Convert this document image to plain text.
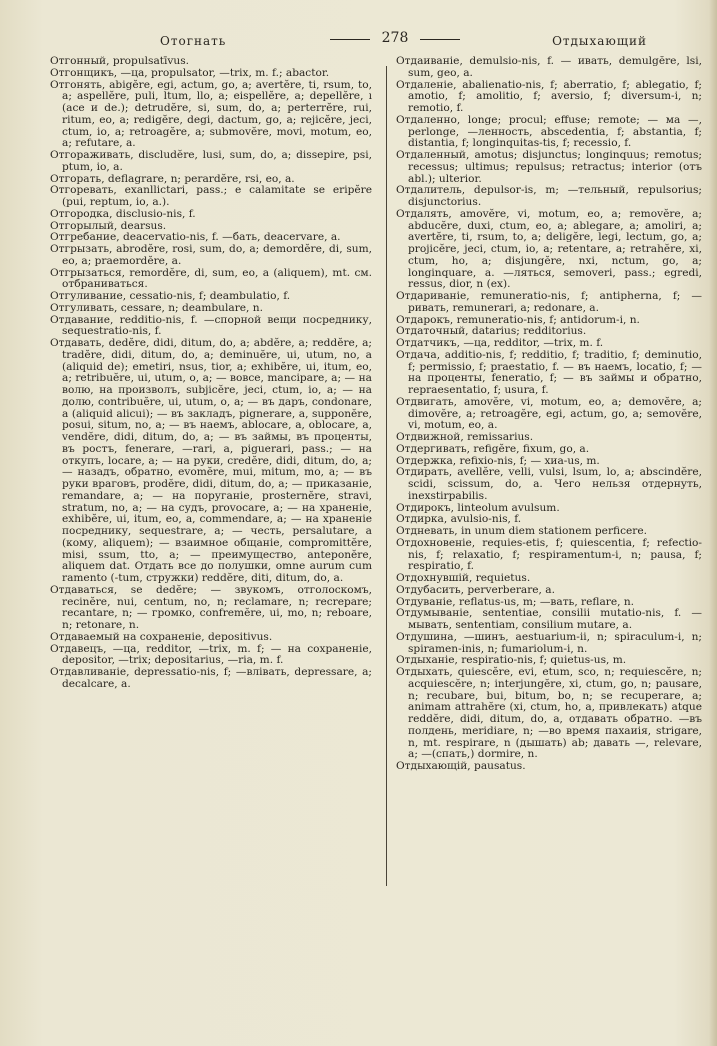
Отогнать	278	Отдыхающий

Отгонный, propulsatīvus.

Отгонщикъ, —ца, propulsator, —trix, m. f.; abactor.

Отгонять, abigĕre, egi, actum, go, a; avertĕre, ti, rsum, to, a; aspellĕre, puli, ltum, llo, a; eispellĕre, a; depellĕre, ı (ace и de.); detrudĕre, si, sum, do, a; perterrĕre, rui, ritum, eo, a; redigĕre, degi, dactum, go, a; rejicĕre, jeci, ctum, io, a; retroagĕre, a; submovĕre, movi, motum, eo, a; refutare, a.

Отгораживать, discludĕre, lusi, sum, do, a; dissepire, psi, ptum, io, a.

Отгорать, deflagrare, n; perardĕre, rsi, eo, a.

Отгоревать, exanllictari, pass.; e calamitate se eripĕre (pui, reptum, io, a.).

Отгородка, disclusio-nis, f.

Отгорылый, dearsus.

Отгребание, deacervatio-nis, f. —бать, deacervare, a.

Отгрызать, abrodĕre, rosi, sum, do, a; demordĕre, di, sum, eo, a; praemordĕre, a.

Отгрызаться, remordĕre, di, sum, eo, a (aliquem), mt. см. отбраниваться.

Отгуливание, cessatio-nis, f; deambulatio, f.

Отгуливать, cessare, n; deambulare, n.

Отдавание, redditio-nis, f. —спорной вещи посреднику, sequestratio-nis, f.

Отдавать, dedĕre, didi, ditum, do, a; abdĕre, a; reddĕre, a; tradĕre, didi, ditum, do, a; deminuĕre, ui, utum, no, a (aliquid de); emetiri, nsus, tior, a; exhibĕre, ui, itum, eo, a; retribuĕre, ui, utum, o, a; — вовсе, mancipare, a; — на волю, на произволъ, subjicĕre, jeci, ctum, io, a; — на долю, contribuĕre, ui, utum, o, a; — въ даръ, condonare, a (aliquid alicui); — въ закладъ, pignerare, a, supponĕre, posui, situm, no, a; — въ наемъ, ablocare, a, oblocare, a, vendĕre, didi, ditum, do, a; — въ займы, въ проценты, въ ростъ, fenerare, —rari, a, piguerari, pass.; — на откупъ, locare, a; — на руки, credĕre, didi, ditum, do, a; — назадъ, обратно, evomĕre, mui, mitum, mo, a; — въ руки враговъ, prodĕre, didi, ditum, do, a; — приказаніе, remandare, a; — на поруганіе, prosternĕre, stravi, stratum, no, a; — на судъ, provocare, a; — на храненіе, exhibĕre, ui, itum, eo, a, commendare, a; — на храненіе посреднику, sequestrare, a; — честь, persalutare, a (кому, aliquem); — взаимное общаніе, compromittĕre, misi, ssum, tto, a; — преимущество, anteponĕre, aliquem dat. Отдать все до полушки, omne aurum cum ramento (-tum, стружки) reddĕre, diti, ditum, do, a.

Отдаваться, se dedĕre; — звукомъ, отголоскомъ, recinĕre, nui, centum, no, n; reclamare, n; recrepare; recantare, n; — громко, confremĕre, ui, mo, n; reboare, n; retonare, n.

Отдаваемый на сохраненіе, depositivus.

Отдавецъ, —ца, redditor, —trix, m. f; — на сохраненіе, depositor, —trix; depositarius, —ria, m. f.

Отдавливаніе, depressatio-nis, f; —влівать, depressare, a; decalcare, a.

Отдаиваніе, demulsio-nis, f. — ивать, demulgĕre, lsi, sum, geo, a.

Отдаленіе, abalienatio-nis, f; aberratio, f; ablegatio, f; amotio, f; amolitio, f; aversio, f; diversum-i, n; remotio, f.

Отдаленно, longe; procul; effuse; remote; — ма —, perlonge, —ленность, abscedentia, f; abstantia, f; distantia, f; longinquitas-tis, f; recessio, f.

Отдаленный, amotus; disjunctus; longinquus; remotus; recessus; ultimus; repulsus; retractus; interior (отъ abl.); ulterior.

Отдалитель, depulsor-is, m; —тельный, repulsorius; disjunctorius.

Отдалять, amovĕre, vi, motum, eo, a; removĕre, a; abducĕre, duxi, ctum, eo, a; ablegare, a; amoliri, a; avertĕre, ti, rsum, to, a; deligĕre, legi, lectum, go, a; projicĕre, jeci, ctum, io, a; retentare, a; retrahĕre, xi, ctum, ho, a; disjungĕre, nxi, nctum, go, a; longinquare, a. —ляться, semoveri, pass.; egredi, ressus, dior, n (ex).

Отдариваніе, remuneratio-nis, f; antipherna, f; —ривать, remunerari, a; redonare, a.

Отдарокъ, remuneratio-nis, f; antidorum-i, n.

Отдаточный, datarius; redditorius.

Отдатчикъ, —ца, redditor, —trix, m. f.

Отдача, additio-nis, f; redditio, f; traditio, f; deminutio, f; permissio, f; praestatio, f. — въ наемъ, locatio, f; — на проценты, feneratio, f; — въ займы и обратно, repraesentatio, f; usura, f.

Отдвигать, amovĕre, vi, motum, eo, a; demovĕre, a; dimovĕre, a; retroagĕre, egi, actum, go, a; semovĕre, vi, motum, eo, a.

Отдвижной, remissarius.

Отдергивать, refigĕre, fixum, go, a.

Отдержка, refixio-nis, f; — хиа-us, m.

Отдирать, avellĕre, velli, vulsi, lsum, lo, a; abscindĕre, scidi, scissum, do, a. Чего нельзя отдернуть, inexstirpabilis.

Отдирокъ, linteolum avulsum.

Отдирка, avulsio-nis, f.

Отдневать, in unum diem stationem perficere.

Отдохновеніе, requies-etis, f; quiescentia, f; refectio-nis, f; relaxatio, f; respiramentum-i, n; pausa, f; respiratio, f.

Отдохнувшій, requietus.

Отдубасить, perverberare, a.

Отдуваніе, reflatus-us, m; —вать, reflare, n.

Отдумываніе, sententiae, consilii mutatio-nis, f. —мывать, sententiam, consilium mutare, a.

Отдушина, —шинъ, aestuarium-ii, n; spiraculum-i, n; spiramen-inis, n; fumariolum-i, n.

Отдыханіе, respiratio-nis, f; quietus-us, m.

Отдыхать, quiescĕre, evi, etum, sco, n; requiescĕre, n; acquiescĕre, n; interjungĕre, xi, ctum, go, n; pausare, n; recubare, bui, bitum, bo, n; se recuperare, a; animam attrahĕre (xi, ctum, ho, a, привлекать) atque reddĕre, didi, ditum, do, a, отдавать обратно. —въ полдень, meridiare, n; —во время пахаиія, strigare, n, mt. respirare, n (дышать) ab; давать —, relevare, a; —(спать,) dormire, n.

Отдыхающій, pausatus.
